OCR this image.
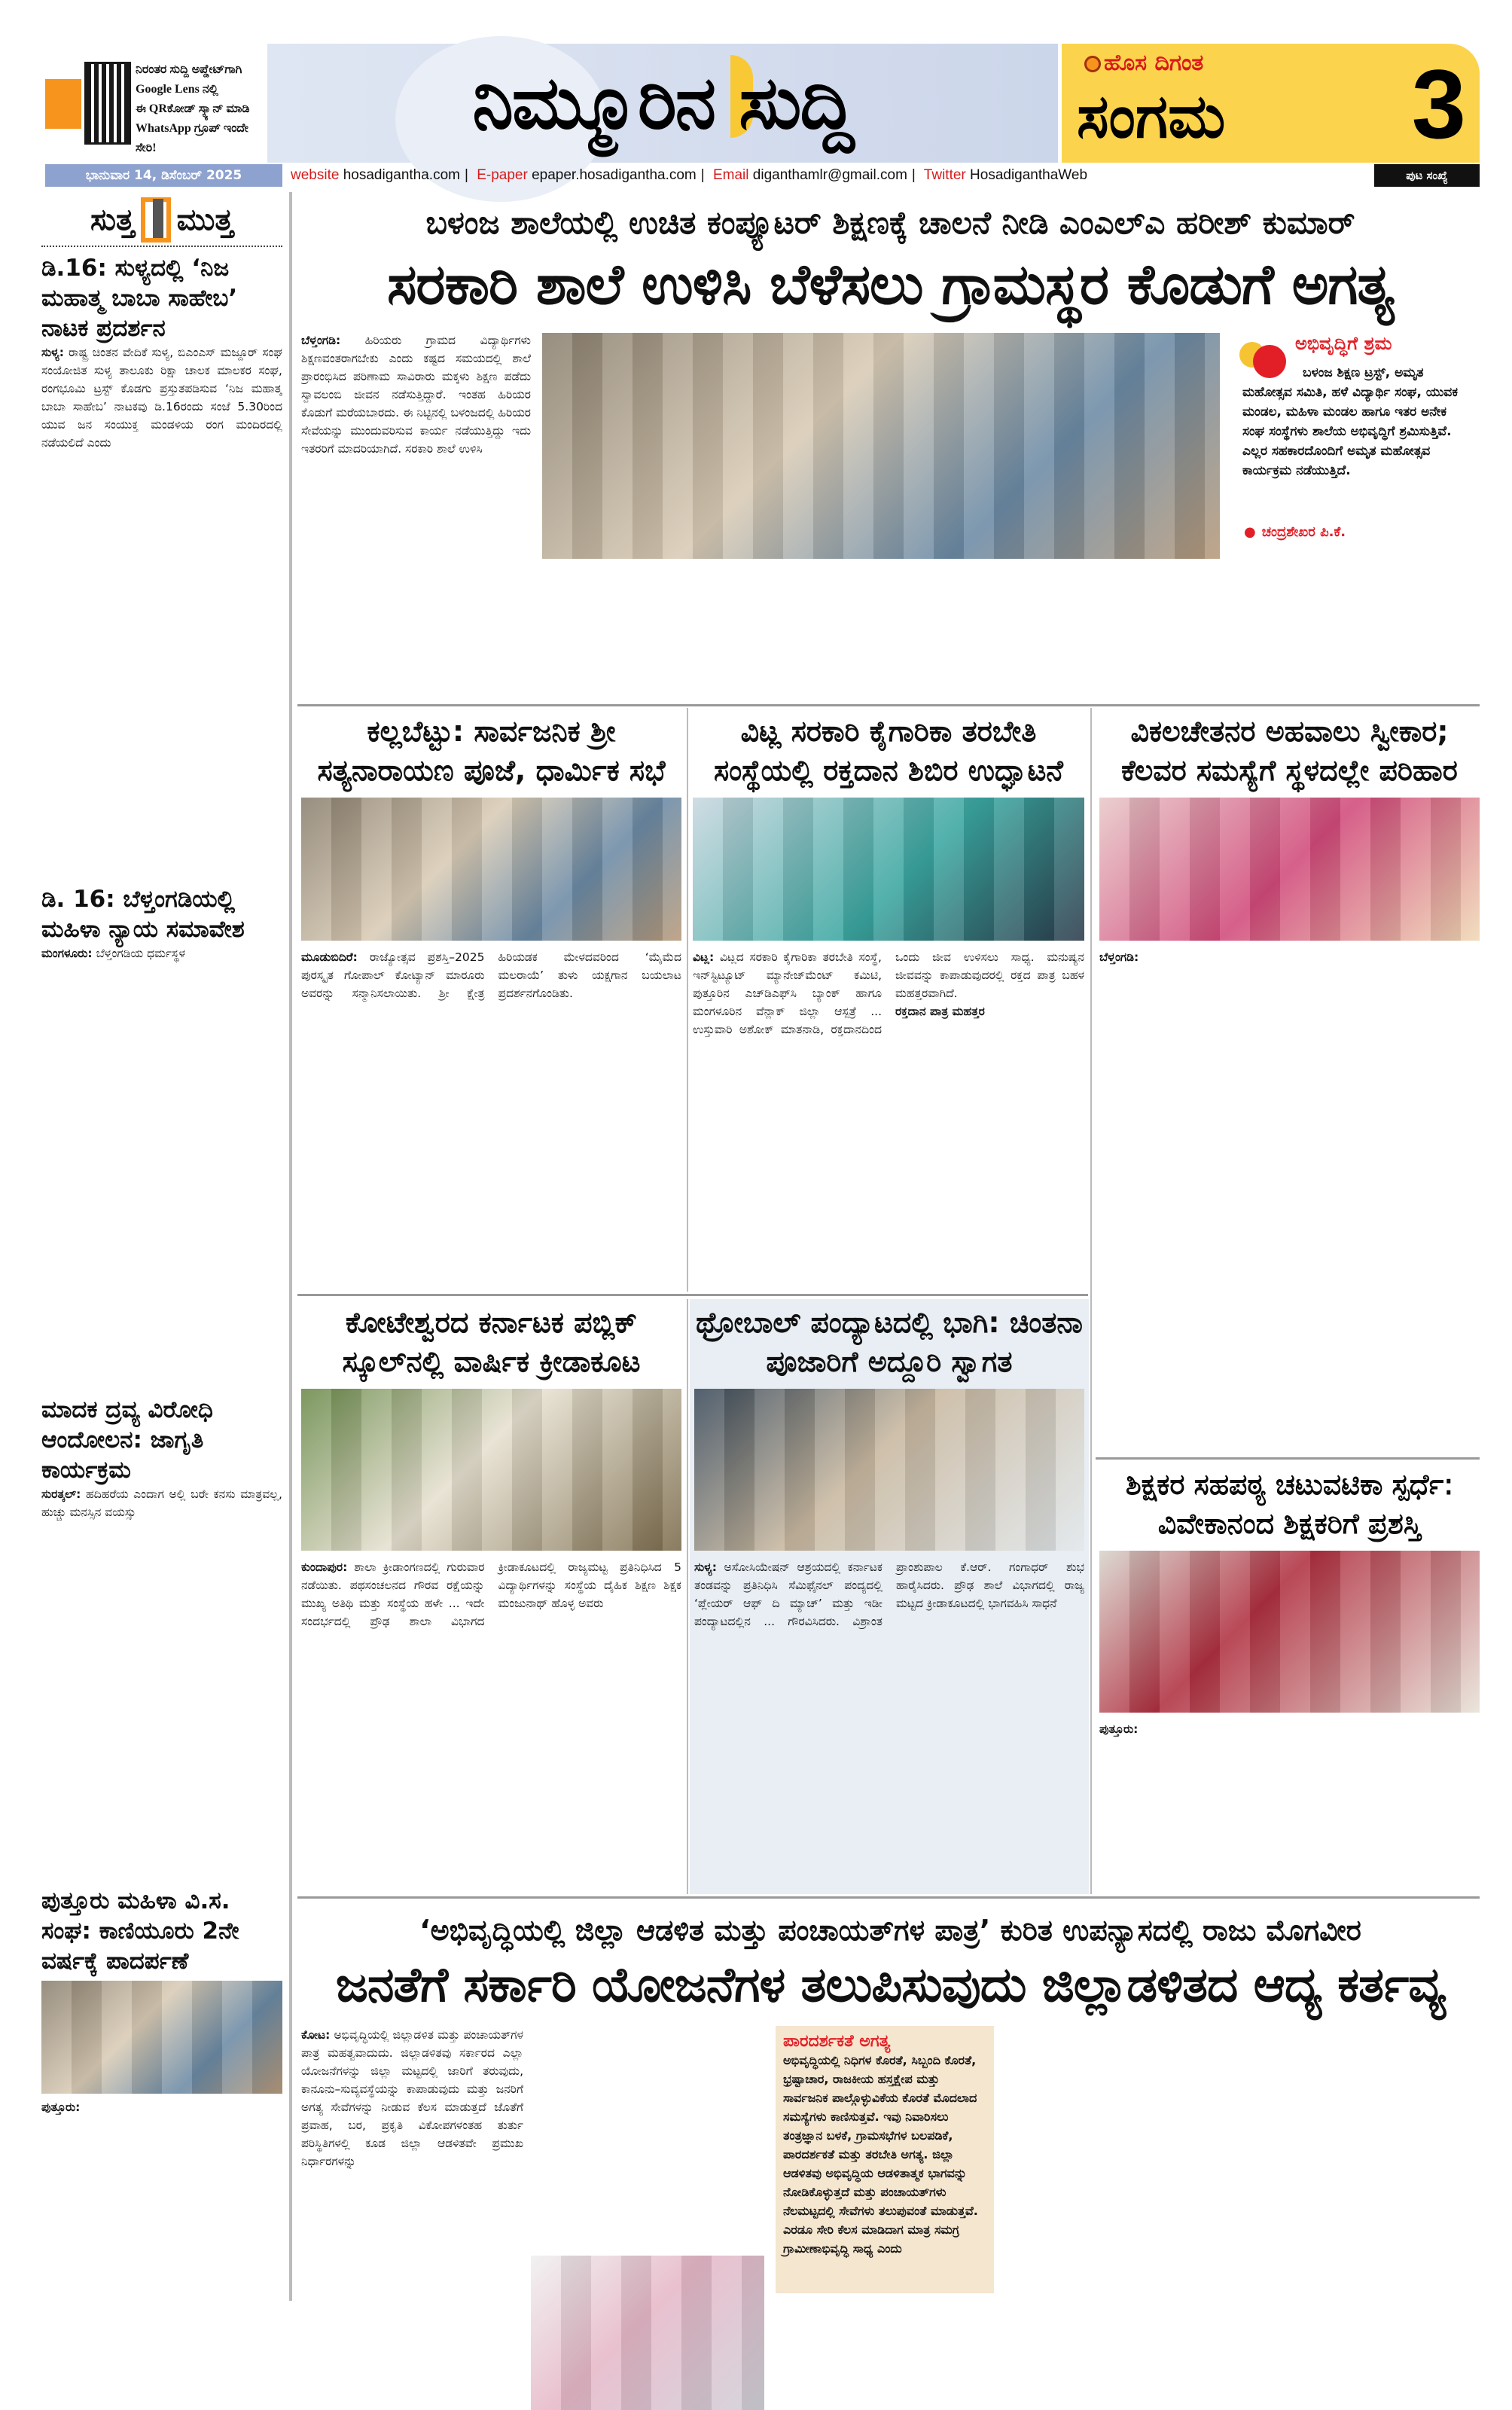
ನಿರಂತರ ಸುದ್ದಿ ಅಪ್ಡೇಟ್‌ಗಾಗಿ
Google Lens ನಲ್ಲಿ
ಈ QRಕೋಡ್ ಸ್ಕ್ಯಾನ್ ಮಾಡಿ
WhatsApp ಗ್ರೂಪ್ ಇಂದೇ ಸೇರಿ!
ನಿಮ್ಮೂರಿನ ಸುದ್ದಿ	ಹೊಸ ದಿಗಂತ
ಸಂಗಮ 3
ಭಾನುವಾರ 14, ಡಿಸೆಂಬರ್ 2025	website hosadigantha.com | E-paper epaper.hosadigantha.com | Email diganthamlr@gmail.com | Twitter HosadiganthaWeb	ಪುಟ ಸಂಖ್ಯೆ
ಸುತ್ತ ಮುತ್ತ
ಡಿ.16: ಸುಳ್ಯದಲ್ಲಿ ‘ನಿಜ ಮಹಾತ್ಮ ಬಾಬಾ ಸಾಹೇಬ’ ನಾಟಕ ಪ್ರದರ್ಶನ

ಸುಳ್ಯ: ರಾಷ್ಟ್ರ ಚಿಂತನ ವೇದಿಕೆ ಸುಳ್ಯ, ಬಿಎಂಎಸ್ ಮಜ್ದೂರ್ ಸಂಘ ಸಂಯೋಜಿತ ಸುಳ್ಯ ತಾಲೂಕು ರಿಕ್ಷಾ ಚಾಲಕ ಮಾಲಕರ ಸಂಘ, ರಂಗಭೂಮಿ ಟ್ರಸ್ಟ್ ಕೊಡಗು ಪ್ರಸ್ತುತಪಡಿಸುವ ‘ನಿಜ ಮಹಾತ್ಮ ಬಾಬಾ ಸಾಹೇಬ’ ನಾಟಕವು ಡಿ.16ರಂದು ಸಂಜೆ 5.30ರಿಂದ ಯುವ ಜನ ಸಂಯುಕ್ತ ಮಂಡಳಿಯ ರಂಗ ಮಂದಿರದಲ್ಲಿ ನಡೆಯಲಿದೆ ಎಂದು

ಡಿ. 16: ಬೆಳ್ತಂಗಡಿಯಲ್ಲಿ ಮಹಿಳಾ ನ್ಯಾಯ ಸಮಾವೇಶ

ಮಂಗಳೂರು: ಬೆಳ್ತಂಗಡಿಯ ಧರ್ಮಸ್ಥಳ

ಮಾದಕ ದ್ರವ್ಯ ವಿರೋಧಿ ಆಂದೋಲನ: ಜಾಗೃತಿ ಕಾರ್ಯಕ್ರಮ

ಸುರತ್ಕಲ್: ಹದಿಹರೆಯ ಎಂದಾಗ ಅಲ್ಲಿ ಬರೇ ಕನಸು ಮಾತ್ರವಲ್ಲ, ಹುಚ್ಚು ಮನಸ್ಸಿನ ವಯಸ್ಸು

ಪುತ್ತೂರು ಮಹಿಳಾ ವಿ.ಸ. ಸಂಘ: ಕಾಣಿಯೂರು 2ನೇ ವರ್ಷಕ್ಕೆ ಪಾದರ್ಪಣೆ

ಪುತ್ತೂರು:

ಬಳಂಜ ಶಾಲೆಯಲ್ಲಿ ಉಚಿತ ಕಂಪ್ಯೂಟರ್ ಶಿಕ್ಷಣಕ್ಕೆ ಚಾಲನೆ ನೀಡಿ ಎಂಎಲ್ಎ ಹರೀಶ್ ಕುಮಾರ್
ಸರಕಾರಿ ಶಾಲೆ ಉಳಿಸಿ ಬೆಳೆಸಲು ಗ್ರಾಮಸ್ಥರ ಕೊಡುಗೆ ಅಗತ್ಯ
ಬೆಳ್ತಂಗಡಿ: ಹಿರಿಯರು ಗ್ರಾಮದ ವಿದ್ಯಾರ್ಥಿಗಳು ಶಿಕ್ಷಣವಂತರಾಗಬೇಕು ಎಂದು ಕಷ್ಟದ ಸಮಯದಲ್ಲಿ ಶಾಲೆ ಪ್ರಾರಂಭಿಸಿದ ಪರಿಣಾಮ ಸಾವಿರಾರು ಮಕ್ಕಳು ಶಿಕ್ಷಣ ಪಡೆದು ಸ್ವಾವಲಂಬಿ ಜೀವನ ನಡೆಸುತ್ತಿದ್ದಾರೆ. ಇಂತಹ ಹಿರಿಯರ ಕೊಡುಗೆ ಮರೆಯಬಾರದು. ಈ ನಿಟ್ಟಿನಲ್ಲಿ ಬಳಂಜದಲ್ಲಿ ಹಿರಿಯರ ಸೇವೆಯನ್ನು ಮುಂದುವರಿಸುವ ಕಾರ್ಯ ನಡೆಯುತ್ತಿದ್ದು ಇದು ಇತರರಿಗೆ ಮಾದರಿಯಾಗಿದೆ. ಸರಕಾರಿ ಶಾಲೆ ಉಳಿಸಿ
ಅಭಿವೃದ್ಧಿಗೆ ಶ್ರಮ
ಬಳಂಜ ಶಿಕ್ಷಣ ಟ್ರಸ್ಟ್, ಅಮೃತ ಮಹೋತ್ಸವ ಸಮಿತಿ, ಹಳೆ ವಿದ್ಯಾರ್ಥಿ ಸಂಘ, ಯುವಕ ಮಂಡಲ, ಮಹಿಳಾ ಮಂಡಲ ಹಾಗೂ ಇತರ ಅನೇಕ ಸಂಘ ಸಂಸ್ಥೆಗಳು ಶಾಲೆಯ ಅಭಿವೃದ್ಧಿಗೆ ಶ್ರಮಿಸುತ್ತಿವೆ. ಎಲ್ಲರ ಸಹಕಾರದೊಂದಿಗೆ ಅಮೃತ ಮಹೋತ್ಸವ ಕಾರ್ಯಕ್ರಮ ನಡೆಯುತ್ತಿದೆ.
● ಚಂದ್ರಶೇಖರ ಪಿ.ಕೆ.
ಕಲ್ಲಬೆಟ್ಟು: ಸಾರ್ವಜನಿಕ ಶ್ರೀ ಸತ್ಯನಾರಾಯಣ ಪೂಜೆ, ಧಾರ್ಮಿಕ ಸಭೆ
ಮೂಡುಬಿದಿರೆ: ರಾಜ್ಯೋತ್ಸವ ಪ್ರಶಸ್ತಿ–2025 ಪುರಸ್ಕೃತ ಗೋಪಾಲ್ ಕೋಟ್ಯಾನ್ ಮಾರೂರು ಅವರನ್ನು ಸನ್ಮಾನಿಸಲಾಯಿತು. ಶ್ರೀ ಕ್ಷೇತ್ರ ಹಿರಿಯಡಕ ಮೇಳದವರಿಂದ ‘ಮೈಮೆದ ಮಲರಾಯೆ’ ತುಳು ಯಕ್ಷಗಾನ ಬಯಲಾಟ ಪ್ರದರ್ಶನಗೊಂಡಿತು.
ವಿಟ್ಲ ಸರಕಾರಿ ಕೈಗಾರಿಕಾ ತರಬೇತಿ ಸಂಸ್ಥೆಯಲ್ಲಿ ರಕ್ತದಾನ ಶಿಬಿರ ಉದ್ಘಾಟನೆ
ವಿಟ್ಲ: ವಿಟ್ಲದ ಸರಕಾರಿ ಕೈಗಾರಿಕಾ ತರಬೇತಿ ಸಂಸ್ಥೆ, ಇನ್‌ಸ್ಟಿಟ್ಯೂಟ್ ಮ್ಯಾನೇಜ್‌ಮೆಂಟ್ ಕಮಿಟಿ, ಪುತ್ತೂರಿನ ಎಚ್‌ಡಿಎಫ್‌ಸಿ ಬ್ಯಾಂಕ್ ಹಾಗೂ ಮಂಗಳೂರಿನ ವೆನ್ಲಾಕ್ ಜಿಲ್ಲಾ ಆಸ್ಪತ್ರೆ ... ಉಸ್ತುವಾರಿ ಅಶೋಕ್ ಮಾತನಾಡಿ, ರಕ್ತದಾನದಿಂದ ಒಂದು ಜೀವ ಉಳಿಸಲು ಸಾಧ್ಯ. ಮನುಷ್ಯನ ಜೀವವನ್ನು ಕಾಪಾಡುವುದರಲ್ಲಿ ರಕ್ತದ ಪಾತ್ರ ಬಹಳ ಮಹತ್ತರವಾಗಿದೆ.
ರಕ್ತದಾನ ಪಾತ್ರ ಮಹತ್ತರ
ವಿಕಲಚೇತನರ ಅಹವಾಲು ಸ್ವೀಕಾರ; ಕೆಲವರ ಸಮಸ್ಯೆಗೆ ಸ್ಥಳದಲ್ಲೇ ಪರಿಹಾರ
ಬೆಳ್ತಂಗಡಿ:
ಕೋಟೇಶ್ವರದ ಕರ್ನಾಟಕ ಪಬ್ಲಿಕ್ ಸ್ಕೂಲ್‌ನಲ್ಲಿ ವಾರ್ಷಿಕ ಕ್ರೀಡಾಕೂಟ
ಕುಂದಾಪುರ: ಶಾಲಾ ಕ್ರೀಡಾಂಗಣದಲ್ಲಿ ಗುರುವಾರ ನಡೆಯಿತು. ಪಥಸಂಚಲನದ ಗೌರವ ರಕ್ಷೆಯನ್ನು ಮುಖ್ಯ ಅತಿಥಿ ಮತ್ತು ಸಂಸ್ಥೆಯ ಹಳೇ ... ಇದೇ ಸಂದರ್ಭದಲ್ಲಿ ಪ್ರೌಢ ಶಾಲಾ ವಿಭಾಗದ ಕ್ರೀಡಾಕೂಟದಲ್ಲಿ ರಾಜ್ಯಮಟ್ಟ ಪ್ರತಿನಿಧಿಸಿದ 5 ವಿದ್ಯಾರ್ಥಿಗಳನ್ನು ಸಂಸ್ಥೆಯ ದೈಹಿಕ ಶಿಕ್ಷಣ ಶಿಕ್ಷಕ ಮಂಜುನಾಥ್ ಹೊಳ್ಳ ಅವರು
ಥ್ರೋಬಾಲ್ ಪಂದ್ಯಾಟದಲ್ಲಿ ಭಾಗಿ: ಚಿಂತನಾ ಪೂಜಾರಿಗೆ ಅದ್ದೂರಿ ಸ್ವಾಗತ
ಸುಳ್ಯ: ಅಸೋಸಿಯೇಷನ್ ಆಶ್ರಯದಲ್ಲಿ ಕರ್ನಾಟಕ ತಂಡವನ್ನು ಪ್ರತಿನಿಧಿಸಿ ಸೆಮಿಫೈನಲ್ ಪಂದ್ಯದಲ್ಲಿ ‘ಪ್ಲೇಯರ್ ಆಫ್ ದಿ ಮ್ಯಾಚ್’ ಮತ್ತು ಇಡೀ ಪಂದ್ಯಾಟದಲ್ಲಿನ ... ಗೌರವಿಸಿದರು. ವಿಶ್ರಾಂತ ಪ್ರಾಂಶುಪಾಲ ಕೆ.ಆರ್. ಗಂಗಾಧರ್ ಶುಭ ಹಾರೈಸಿದರು. ಪ್ರೌಢ ಶಾಲೆ ವಿಭಾಗದಲ್ಲಿ ರಾಜ್ಯ ಮಟ್ಟದ ಕ್ರೀಡಾಕೂಟದಲ್ಲಿ ಭಾಗವಹಿಸಿ ಸಾಧನೆ
ಶಿಕ್ಷಕರ ಸಹಪಠ್ಯ ಚಟುವಟಿಕಾ ಸ್ಪರ್ಧೆ: ವಿವೇಕಾನಂದ ಶಿಕ್ಷಕರಿಗೆ ಪ್ರಶಸ್ತಿ
ಪುತ್ತೂರು:
‘ಅಭಿವೃದ್ಧಿಯಲ್ಲಿ ಜಿಲ್ಲಾ ಆಡಳಿತ ಮತ್ತು ಪಂಚಾಯತ್‌ಗಳ ಪಾತ್ರ’ ಕುರಿತ ಉಪನ್ಯಾಸದಲ್ಲಿ ರಾಜು ಮೊಗವೀರ
ಜನತೆಗೆ ಸರ್ಕಾರಿ ಯೋಜನೆಗಳ ತಲುಪಿಸುವುದು ಜಿಲ್ಲಾಡಳಿತದ ಆದ್ಯ ಕರ್ತವ್ಯ
ಕೋಟ: ಅಭಿವೃದ್ಧಿಯಲ್ಲಿ ಜಿಲ್ಲಾಡಳಿತ ಮತ್ತು ಪಂಚಾಯತ್‌ಗಳ ಪಾತ್ರ ಮಹತ್ವವಾದುದು. ಜಿಲ್ಲಾಡಳಿತವು ಸರ್ಕಾರದ ಎಲ್ಲಾ ಯೋಜನೆಗಳನ್ನು ಜಿಲ್ಲಾ ಮಟ್ಟದಲ್ಲಿ ಜಾರಿಗೆ ತರುವುದು, ಕಾನೂನು–ಸುವ್ಯವಸ್ಥೆಯನ್ನು ಕಾಪಾಡುವುದು ಮತ್ತು ಜನರಿಗೆ ಅಗತ್ಯ ಸೇವೆಗಳನ್ನು ನೀಡುವ ಕೆಲಸ ಮಾಡುತ್ತದೆ ಜೊತೆಗೆ ಪ್ರವಾಹ, ಬರ, ಪ್ರಕೃತಿ ವಿಕೋಪಗಳಂತಹ ತುರ್ತು ಪರಿಸ್ಥಿತಿಗಳಲ್ಲಿ ಕೂಡ ಜಿಲ್ಲಾ ಆಡಳಿತವೇ ಪ್ರಮುಖ ನಿರ್ಧಾರಗಳನ್ನು
ಪಾರದರ್ಶಕತೆ ಅಗತ್ಯ
ಅಭಿವೃದ್ಧಿಯಲ್ಲಿ ನಿಧಿಗಳ ಕೊರತೆ, ಸಿಬ್ಬಂದಿ ಕೊರತೆ, ಭ್ರಷ್ಟಾಚಾರ, ರಾಜಕೀಯ ಹಸ್ತಕ್ಷೇಪ ಮತ್ತು ಸಾರ್ವಜನಿಕ ಪಾಲ್ಗೊಳ್ಳುವಿಕೆಯ ಕೊರತೆ ಮೊದಲಾದ ಸಮಸ್ಯೆಗಳು ಕಾಣಿಸುತ್ತವೆ. ಇವು ನಿವಾರಿಸಲು ತಂತ್ರಜ್ಞಾನ ಬಳಕೆ, ಗ್ರಾಮಸಭೆಗಳ ಬಲಪಡಿಕೆ, ಪಾರದರ್ಶಕತೆ ಮತ್ತು ತರಬೇತಿ ಅಗತ್ಯ. ಜಿಲ್ಲಾ ಆಡಳಿತವು ಅಭಿವೃದ್ಧಿಯ ಆಡಳಿತಾತ್ಮಕ ಭಾಗವನ್ನು ನೋಡಿಕೊಳ್ಳುತ್ತದೆ ಮತ್ತು ಪಂಚಾಯತ್‌ಗಳು ನೆಲಮಟ್ಟದಲ್ಲಿ ಸೇವೆಗಳು ತಲುಪುವಂತೆ ಮಾಡುತ್ತವೆ. ಎರಡೂ ಸೇರಿ ಕೆಲಸ ಮಾಡಿದಾಗ ಮಾತ್ರ ಸಮಗ್ರ ಗ್ರಾಮೀಣಾಭಿವೃದ್ಧಿ ಸಾಧ್ಯ ಎಂದು
